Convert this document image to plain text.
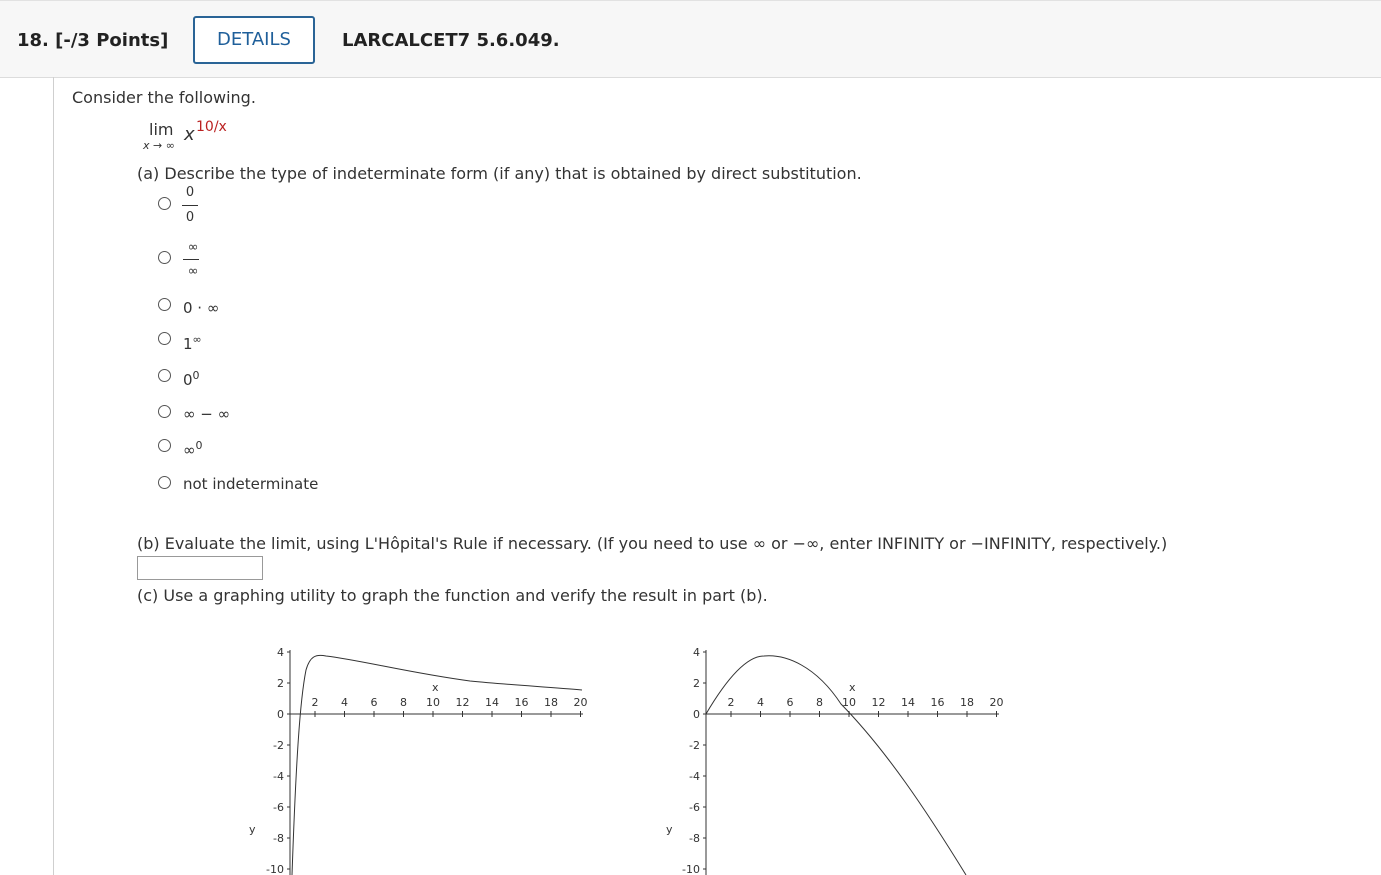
18. [-/3 Points]	DETAILS	LARCALCET7 5.6.049.
Consider the following.
lim
x → ∞
x 10/x
(a) Describe the type of indeterminate form (if any) that is obtained by direct substitution.
0
0
∞
∞
0 · ∞
1∞
$0^0$
∞ − ∞
∞$^0$
not indeterminate
(b) Evaluate the limit, using L'Hôpital's Rule if necessary. (If you need to use ∞ or −∞, enter INFINITY or −INFINITY, respectively.)
(c) Use a graphing utility to graph the function and verify the result in part (b).
2 4 6 8 10 12 14 16 18 20
4
2
0
-2
-4
-6
-8
-10
x
y
2 4 6 8 10 12 14 16 18 20
4
2
0
-2
-4
-6
-8
-10
x
y
